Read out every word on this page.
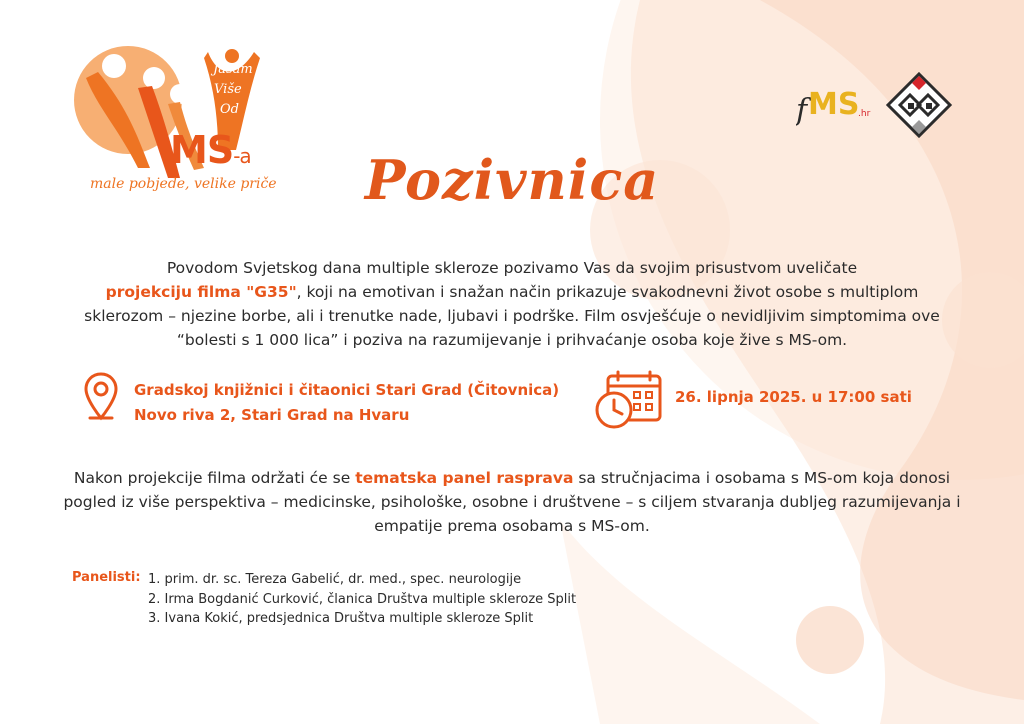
Jasam
Više
Od
MS-a
male pobjede, velike priče
f MS
.hr
Pozivnica
Povodom Svjetskog dana multiple skleroze pozivamo Vas da svojim prisustvom uveličate
projekciju filma "G35", koji na emotivan i snažan način prikazuje svakodnevni život osobe s multiplom sklerozom – njezine borbe, ali i trenutke nade, ljubavi i podrške. Film osvješćuje o nevidljivim simptomima ove “bolesti s 1 000 lica” i poziva na razumijevanje i prihvaćanje osoba koje žive s MS-om.
Gradskoj knjižnici i čitaonici Stari Grad (Čitovnica)
Novo riva 2, Stari Grad na Hvaru
26. lipnja 2025. u 17:00 sati
Nakon projekcije filma održati će se tematska panel rasprava sa stručnjacima i osobama s MS-om koja donosi pogled iz više perspektiva – medicinske, psihološke, osobne i društvene – s ciljem stvaranja dubljeg razumijevanja i empatije prema osobama s MS-om.
Panelisti: 1. prim. dr. sc. Tereza Gabelić, dr. med., spec. neurologije
2. Irma Bogdanić Curković, članica Društva multiple skleroze Split
3. Ivana Kokić, predsjednica Društva multiple skleroze Split
